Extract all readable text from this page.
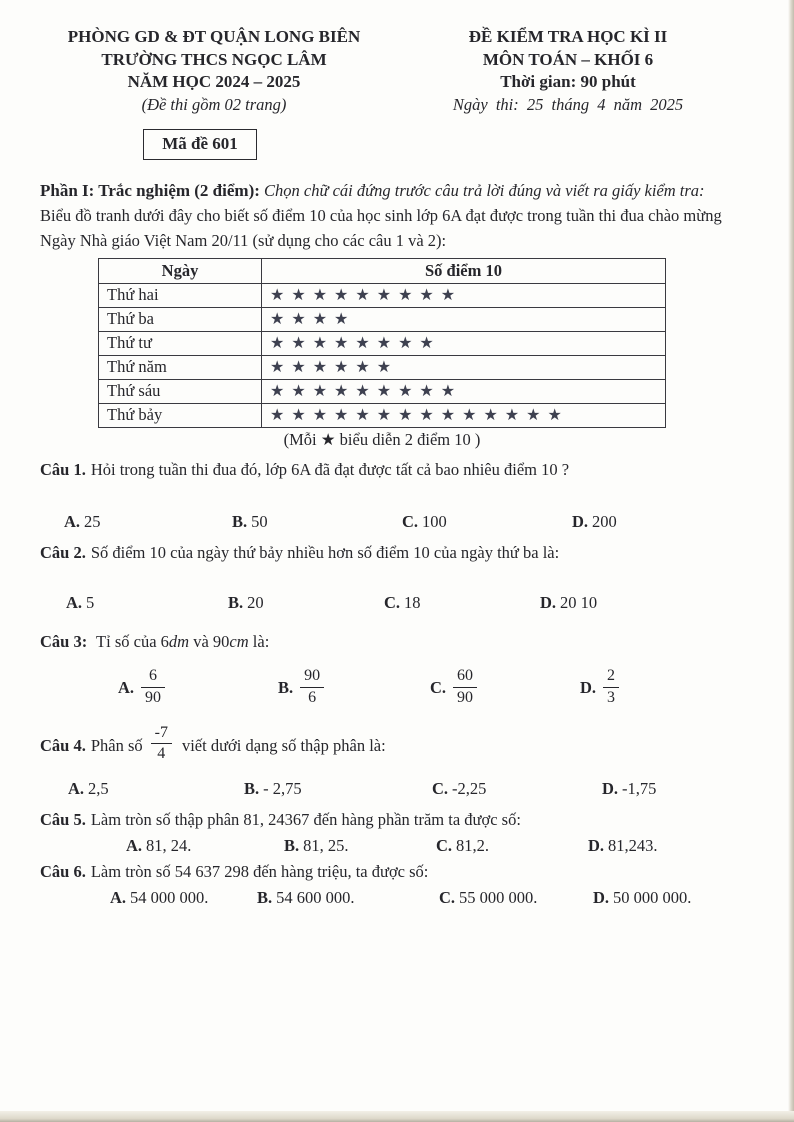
PHÒNG GD & ĐT QUẬN LONG BIÊN
TRƯỜNG THCS NGỌC LÂM
NĂM HỌC 2024 – 2025
(Đề thi gồm 02 trang)
Mã đề 601
ĐỀ KIỂM TRA HỌC KÌ II
MÔN TOÁN – KHỐI 6
Thời gian: 90 phút
Ngày thi: 25 tháng 4 năm 2025

Phần I: Trắc nghiệm (2 điểm): Chọn chữ cái đứng trước câu trả lời đúng và viết ra giấy kiểm tra:

Biểu đồ tranh dưới đây cho biết số điểm 10 của học sinh lớp 6A đạt được trong tuần thi đua chào mừng Ngày Nhà giáo Việt Nam 20/11 (sử dụng cho các câu 1 và 2):

Ngày	Số điểm 10
Thứ hai	★ ★ ★ ★ ★ ★ ★ ★ ★
Thứ ba	★ ★ ★ ★
Thứ tư	★ ★ ★ ★ ★ ★ ★ ★
Thứ năm	★ ★ ★ ★ ★ ★
Thứ sáu	★ ★ ★ ★ ★ ★ ★ ★ ★
Thứ bảy	★ ★ ★ ★ ★ ★ ★ ★ ★ ★ ★ ★ ★ ★
(Mỗi ★ biểu diễn 2 điểm 10 )

Câu 1. Hỏi trong tuần thi đua đó, lớp 6A đã đạt được tất cả bao nhiêu điểm 10 ?

A. 25	B. 50	C. 100	D. 200

Câu 2. Số điểm 10 của ngày thứ bảy nhiều hơn số điểm 10 của ngày thứ ba là:

A. 5	B. 20	C. 18	D. 20 10

Câu 3: Tỉ số của 6dm và 90cm là:

A. $\frac{6}{90}$	B. $\frac{90}{6}$	C. $\frac{60}{90}$	D. $\frac{2}{3}$
Câu 4. Phân số $\frac{-7}{4}$ viết dưới dạng số thập phân là:
A. 2,5	B. - 2,75	C. -2,25	D. -1,75

Câu 5. Làm tròn số thập phân 81, 24367 đến hàng phần trăm ta được số:

A. 81, 24.	B. 81, 25.	C. 81,2.	D. 81,243.

Câu 6. Làm tròn số 54 637 298 đến hàng triệu, ta được số:

A. 54 000 000.	B. 54 600 000.	C. 55 000 000.	D. 50 000 000.
